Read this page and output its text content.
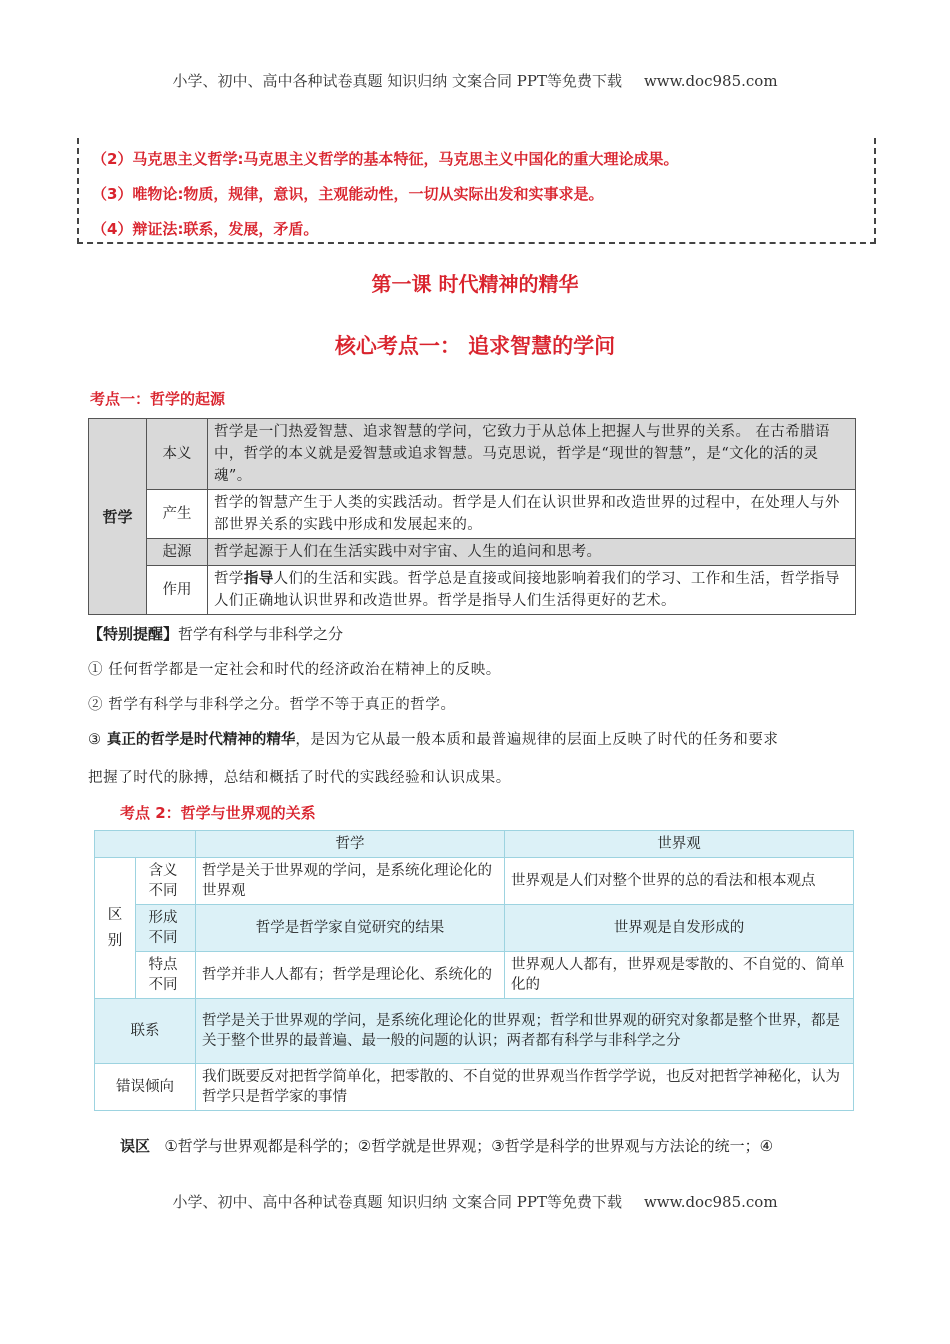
小学、初中、高中各种试卷真题 知识归纳 文案合同 PPT等免费下载 www.doc985.com
（2）马克思主义哲学:马克思主义哲学的基本特征，马克思主义中国化的重大理论成果。
（3）唯物论:物质，规律，意识，主观能动性，一切从实际出发和实事求是。
（4）辩证法:联系，发展，矛盾。
第一课 时代精神的精华
核心考点一： 追求智慧的学问
考点一：哲学的起源
哲学	本义	哲学是一门热爱智慧、追求智慧的学问，它致力于从总体上把握人与世界的关系。 在古希腊语中，哲学的本义就是爱智慧或追求智慧。马克思说，哲学是“现世的智慧”，是“文化的活的灵魂”。
	产生	哲学的智慧产生于人类的实践活动。哲学是人们在认识世界和改造世界的过程中，在处理人与外部世界关系的实践中形成和发展起来的。
	起源	哲学起源于人们在生活实践中对宇宙、人生的追问和思考。
	作用	哲学指导人们的生活和实践。哲学总是直接或间接地影响着我们的学习、工作和生活，哲学指导人们正确地认识世界和改造世界。哲学是指导人们生活得更好的艺术。
【特别提醒】哲学有科学与非科学之分
① 任何哲学都是一定社会和时代的经济政治在精神上的反映。
② 哲学有科学与非科学之分。哲学不等于真正的哲学。
③ 真正的哲学是时代精神的精华，是因为它从最一般本质和最普遍规律的层面上反映了时代的任务和要求
把握了时代的脉搏，总结和概括了时代的实践经验和认识成果。
考点 2：哲学与世界观的关系
		哲学	世界观

区别	含义不同	哲学是关于世界观的学问，是系统化理论化的世界观	世界观是人们对整个世界的总的看法和根本观点

	形成不同	哲学是哲学家自觉研究的结果	世界观是自发形成的

	特点不同	哲学并非人人都有；哲学是理论化、系统化的	世界观人人都有，世界观是零散的、不自觉的、简单化的
联系		哲学是关于世界观的学问，是系统化理论化的世界观；哲学和世界观的研究对象都是整个世界，都是关于整个世界的最普遍、最一般的问题的认识；两者都有科学与非科学之分	
错误倾向		我们既要反对把哲学简单化，把零散的、不自觉的世界观当作哲学学说，也反对把哲学神秘化，认为哲学只是哲学家的事情	
误区 ①哲学与世界观都是科学的；②哲学就是世界观；③哲学是科学的世界观与方法论的统一；④
小学、初中、高中各种试卷真题 知识归纳 文案合同 PPT等免费下载 www.doc985.com
